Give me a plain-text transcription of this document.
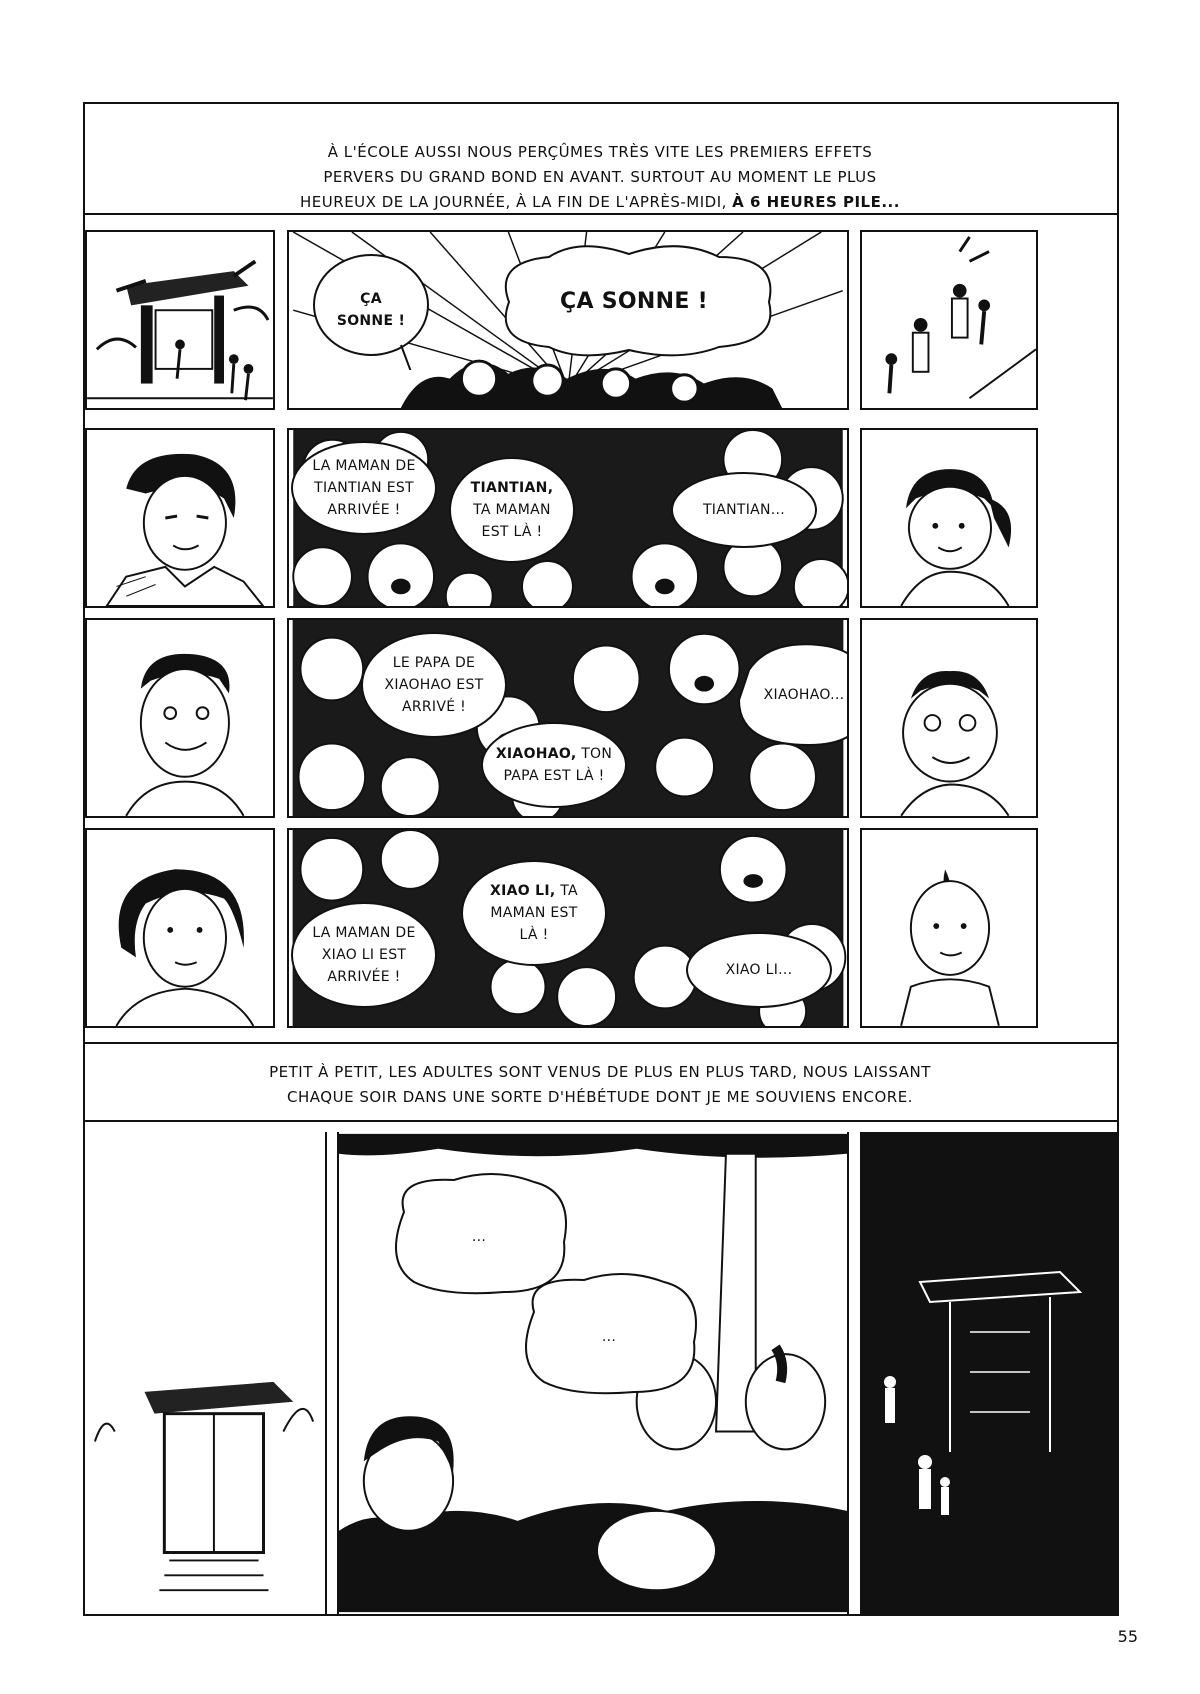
À L'ÉCOLE AUSSI NOUS PERÇÛMES TRÈS VITE LES PREMIERS EFFETS
PERVERS DU GRAND BOND EN AVANT. SURTOUT AU MOMENT LE PLUS
HEUREUX DE LA JOURNÉE, À LA FIN DE L'APRÈS-MIDI, À 6 HEURES PILE...
ÇA SONNE !
ÇA SONNE !
LA MAMAN DE TIANTIAN EST ARRIVÉE !
TIANTIAN, TA MAMAN EST LÀ !
TIANTIAN...
LE PAPA DE XIAOHAO EST ARRIVÉ !
XIAOHAO, TON PAPA EST LÀ !
XIAOHAO...
LA MAMAN DE XIAO LI EST ARRIVÉE !
XIAO LI, TA MAMAN EST LÀ !
XIAO LI...
PETIT À PETIT, LES ADULTES SONT VENUS DE PLUS EN PLUS TARD, NOUS LAISSANT
CHAQUE SOIR DANS UNE SORTE D'HÉBÉTUDE DONT JE ME SOUVIENS ENCORE.
...
...
55
